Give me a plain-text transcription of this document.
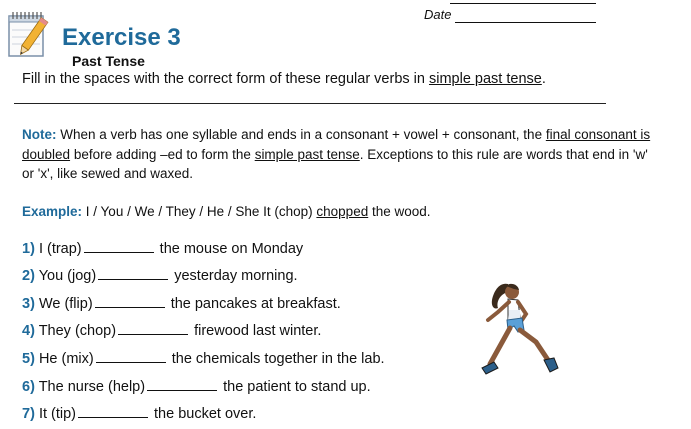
Date
Exercise 3
Past Tense
Fill in the spaces with the correct form of these regular verbs in simple past tense.
Note: When a verb has one syllable and ends in a consonant + vowel + consonant, the final consonant is doubled before adding –ed to form the simple past tense. Exceptions to this rule are words that end in 'w' or 'x', like sewed and waxed.
Example: I / You / We / They / He / She It (chop) chopped the wood.
1) I (trap)	the mouse on Monday
2) You (jog)	yesterday morning.
3) We (flip)	the pancakes at breakfast.
4) They (chop)	firewood last winter.
5) He (mix)	the chemicals together in the lab.
6) The nurse (help)	the patient to stand up.
7) It (tip)	the bucket over.
